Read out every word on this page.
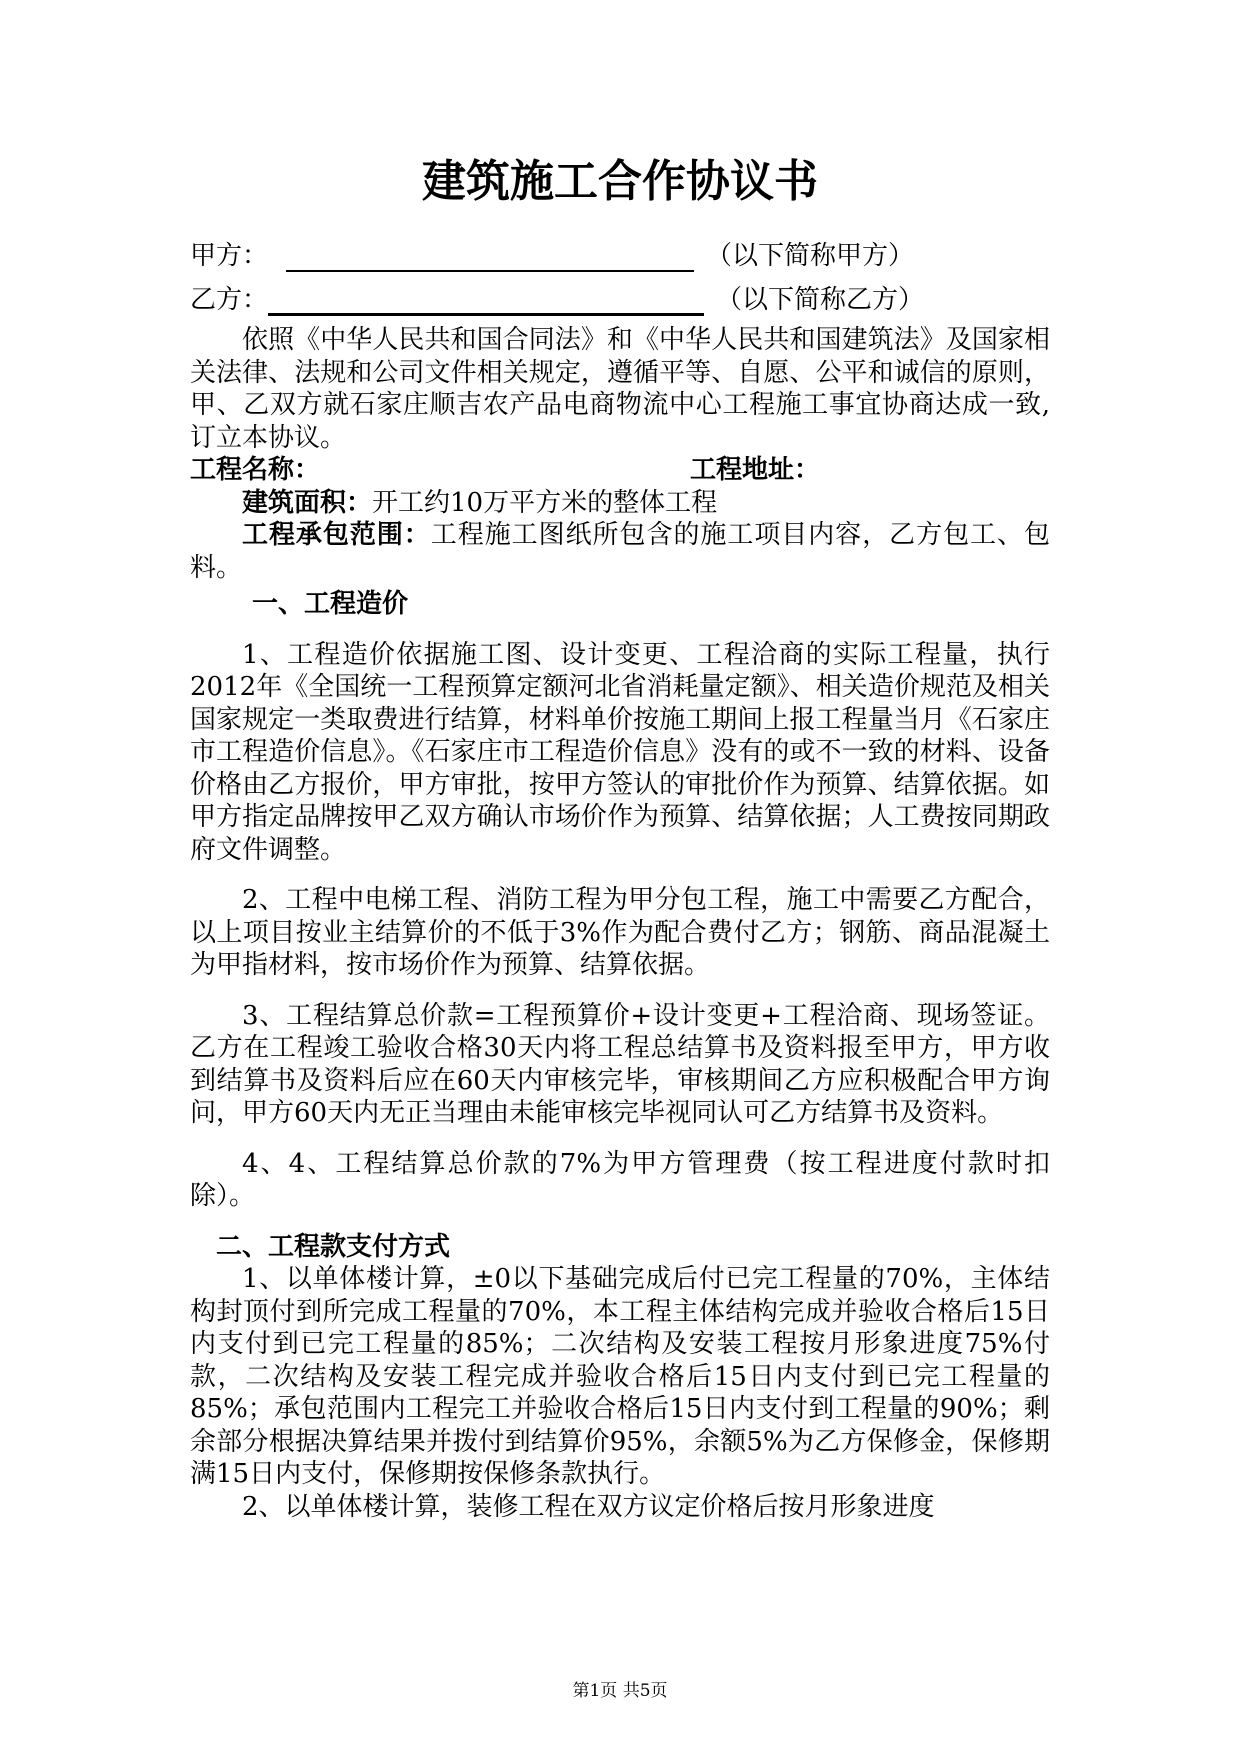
建筑施工合作协议书
甲方：	（以下简称甲方）
乙方：	（以下简称乙方）

依照《中华人民共和国合同法》和《中华人民共和国建筑法》及国家相关法律、法规和公司文件相关规定，遵循平等、自愿、公平和诚信的原则，甲、乙双方就石家庄顺吉农产品电商物流中心工程施工事宜协商达成一致,订立本协议。

工程名称：	工程地址：

建筑面积：开工约10万平方米的整体工程

工程承包范围：工程施工图纸所包含的施工项目内容，乙方包工、包料。

一、工程造价

1、工程造价依据施工图、设计变更、工程洽商的实际工程量，执行2012年《全国统一工程预算定额河北省消耗量定额》、相关造价规范及相关国家规定一类取费进行结算，材料单价按施工期间上报工程量当月《石家庄市工程造价信息》。《石家庄市工程造价信息》没有的或不一致的材料、设备价格由乙方报价，甲方审批，按甲方签认的审批价作为预算、结算依据。如甲方指定品牌按甲乙双方确认市场价作为预算、结算依据；人工费按同期政府文件调整。

2、工程中电梯工程、消防工程为甲分包工程，施工中需要乙方配合，以上项目按业主结算价的不低于3%作为配合费付乙方；钢筋、商品混凝土为甲指材料，按市场价作为预算、结算依据。

3、工程结算总价款=工程预算价+设计变更+工程洽商、现场签证。乙方在工程竣工验收合格30天内将工程总结算书及资料报至甲方，甲方收到结算书及资料后应在60天内审核完毕，审核期间乙方应积极配合甲方询问，甲方60天内无正当理由未能审核完毕视同认可乙方结算书及资料。

4、4、工程结算总价款的7%为甲方管理费（按工程进度付款时扣除）。

二、工程款支付方式

1、以单体楼计算，±0以下基础完成后付已完工程量的70%，主体结构封顶付到所完成工程量的70%，本工程主体结构完成并验收合格后15日内支付到已完工程量的85%；二次结构及安装工程按月形象进度75%付款，二次结构及安装工程完成并验收合格后15日内支付到已完工程量的85%；承包范围内工程完工并验收合格后15日内支付到工程量的90%；剩余部分根据决算结果并拨付到结算价95%，余额5%为乙方保修金，保修期满15日内支付，保修期按保修条款执行。

2、以单体楼计算，装修工程在双方议定价格后按月形象进度

第1页 共5页
